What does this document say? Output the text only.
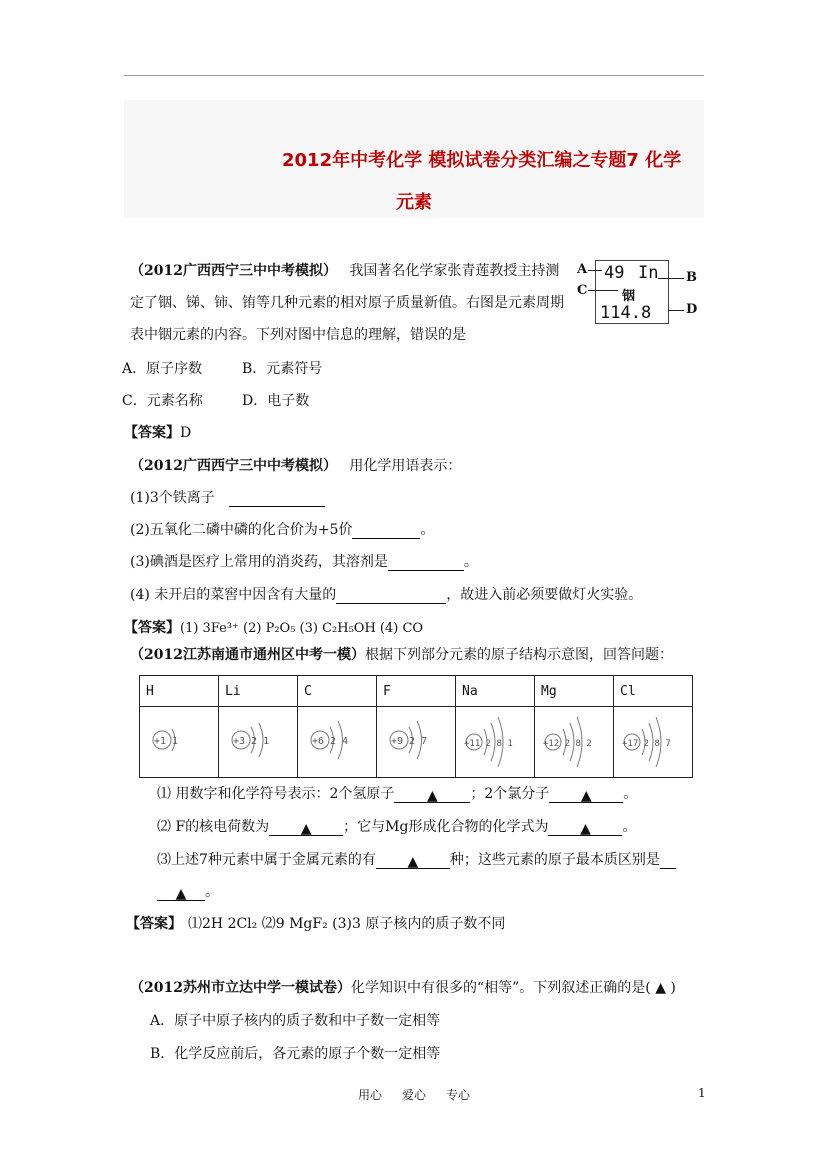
2012年中考化学 模拟试卷分类汇编之专题7 化学
元素
（2012广西西宁三中中考模拟） 我国著名化学家张青莲教授主持测
定了铟、锑、铈、铕等几种元素的相对原子质量新值。右图是元素周期
表中铟元素的内容。下列对图中信息的理解，错误的是
49 In
铟
114.8
A
C
B
D
A．原子序数	B．元素符号
C．元素名称	D．电子数
【答案】D
（2012广西西宁三中中考模拟） 用化学用语表示：
(1)3个铁离子
(2)五氧化二磷中磷的化合价为+5价	。
(3)碘酒是医疗上常用的消炎药，其溶剂是	。
(4) 未开启的菜窖中因含有大量的	，故进入前必须要做灯火实验。
【答案】(1) 3Fe³⁺ (2) P₂O₅ (3) C₂H₅OH (4) CO
（2012江苏南通市通州区中考一模）根据下列部分元素的原子结构示意图，回答问题：
H	Li	C	F	Na	Mg	Cl

+1 1	+3 2 1	+6 2 4	+9 2 7	+11 2 8 1	+12 2 8 2	+17 2 8 7
⑴ 用数字和化学符号表示：2个氢原子 ▲ ；2个氯分子 ▲ 。
⑵ F的核电荷数为 ▲ ；它与Mg形成化合物的化学式为 ▲ 。
⑶上述7种元素中属于金属元素的有 ▲ 种；这些元素的原子最本质区别是
▲ 。
【答案】 ⑴2H 2Cl₂ ⑵9 MgF₂ (3)3 原子核内的质子数不同
（2012苏州市立达中学一模试卷）化学知识中有很多的“相等”。下列叙述正确的是( ▲ )
A．原子中原子核内的质子数和中子数一定相等
B．化学反应前后，各元素的原子个数一定相等
用心 爱心 专心	1
